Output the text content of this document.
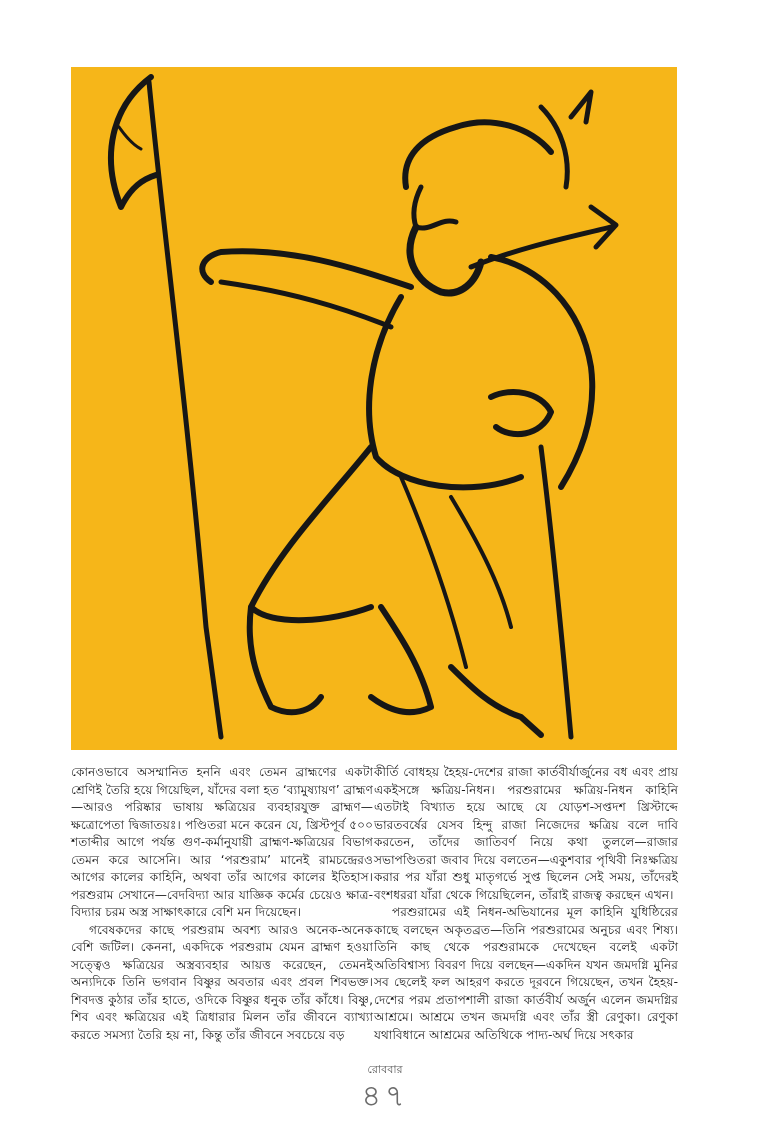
কোনওভাবে অসম্মানিত হননি এবং তেমন ব্রাহ্মণের একটা শ্রেণিই তৈরি হয়ে গিয়েছিল, যাঁদের বলা হত ‘ব্যামুষ্যায়ণ’ ব্রাহ্মণ—আরও পরিষ্কার ভাষায় ক্ষত্রিয়ের ব্যবহারযুক্ত ব্রাহ্মণ—ক্ষত্রোপেতা দ্বিজাতয়ঃ। পণ্ডিতরা মনে করেন যে, খ্রিস্টপূর্ব ৫০০ শতাব্দীর আগে পর্যন্ত গুণ-কর্মানুযায়ী ব্রাহ্মণ-ক্ষত্রিয়ের বিভাগ তেমন করে আসেনি। আর ‘পরশুরাম’ মানেই রামচন্দ্রেরও আগের কালের কাহিনি, অথবা তাঁর আগের কালের ইতিহাস। পরশুরাম সেখানে—বেদবিদ্যা আর যাজ্ঞিক কর্মের চেয়েও ক্ষাত্র-বিদ্যার চরম অস্ত্র সাক্ষাৎকারে বেশি মন দিয়েছেন।

গবেষকদের কাছে পরশুরাম অবশ্য আরও অনেক-অনেক বেশি জটিল। কেননা, একদিকে পরশুরাম যেমন ব্রাহ্মণ হওয়া সত্ত্বেও ক্ষত্রিয়ের অস্ত্রব্যবহার আয়ত্ত করেছেন, তেমনই অন্যদিকে তিনি ভগবান বিষ্ণুর অবতার এবং প্রবল শিবভক্ত। শিবদত্ত কুঠার তাঁর হাতে, ওদিকে বিষ্ণুর ধনুক তাঁর কাঁধে। বিষ্ণু, শিব এবং ক্ষত্রিয়ের এই ত্রিধারার মিলন তাঁর জীবনে ব্যাখ্যা করতে সমস্যা তৈরি হয় না, কিন্তু তাঁর জীবনে সবচেয়ে বড়

কীর্তি বোধহয় হৈহয়-দেশের রাজা কার্তবীর্যার্জুনের বধ এবং প্রায় একইসঙ্গে ক্ষত্রিয়-নিধন। পরশুরামের ক্ষত্রিয়-নিধন কাহিনি এতটাই বিখ্যাত হয়ে আছে যে যোড়শ-সপ্তদশ খ্রিস্টাব্দে ভারতবর্ষের যেসব হিন্দু রাজা নিজেদের ক্ষত্রিয় বলে দাবি করতেন, তাঁদের জাতিবর্ণ নিয়ে কথা তুললে—রাজার সভাপণ্ডিতরা জবাব দিয়ে বলতেন—একুশবার পৃথিবী নিঃক্ষত্রিয় করার পর যাঁরা শুধু মাতৃগর্ভে সুপ্ত ছিলেন সেই সময়, তাঁদেরই বংশধররা যাঁরা থেকে গিয়েছিলেন, তাঁরাই রাজত্ব করছেন এখন।

পরশুরামের এই নিধন-অভিযানের মূল কাহিনি যুধিষ্ঠিরের কাছে বলছেন অকৃতব্রত—তিনি পরশুরামের অনুচর এবং শিষ্য। তিনি কাছ থেকে পরশুরামকে দেখেছেন বলেই একটা অতিবিশ্বাস্য বিবরণ দিয়ে বলছেন—একদিন যখন জমদগ্নি মুনির সব ছেলেই ফল আহরণ করতে দূরবনে গিয়েছেন, তখন হৈহয়-দেশের পরম প্রতাপশালী রাজা কার্তবীর্য অর্জুন এলেন জমদগ্নির আশ্রমে। আশ্রমে তখন জমদগ্নি এবং তাঁর স্ত্রী রেণুকা। রেণুকা যথাবিধানে আশ্রমের অতিথিকে পাদ্য-অর্ঘ দিয়ে সৎকার

রোববার
৪৭
